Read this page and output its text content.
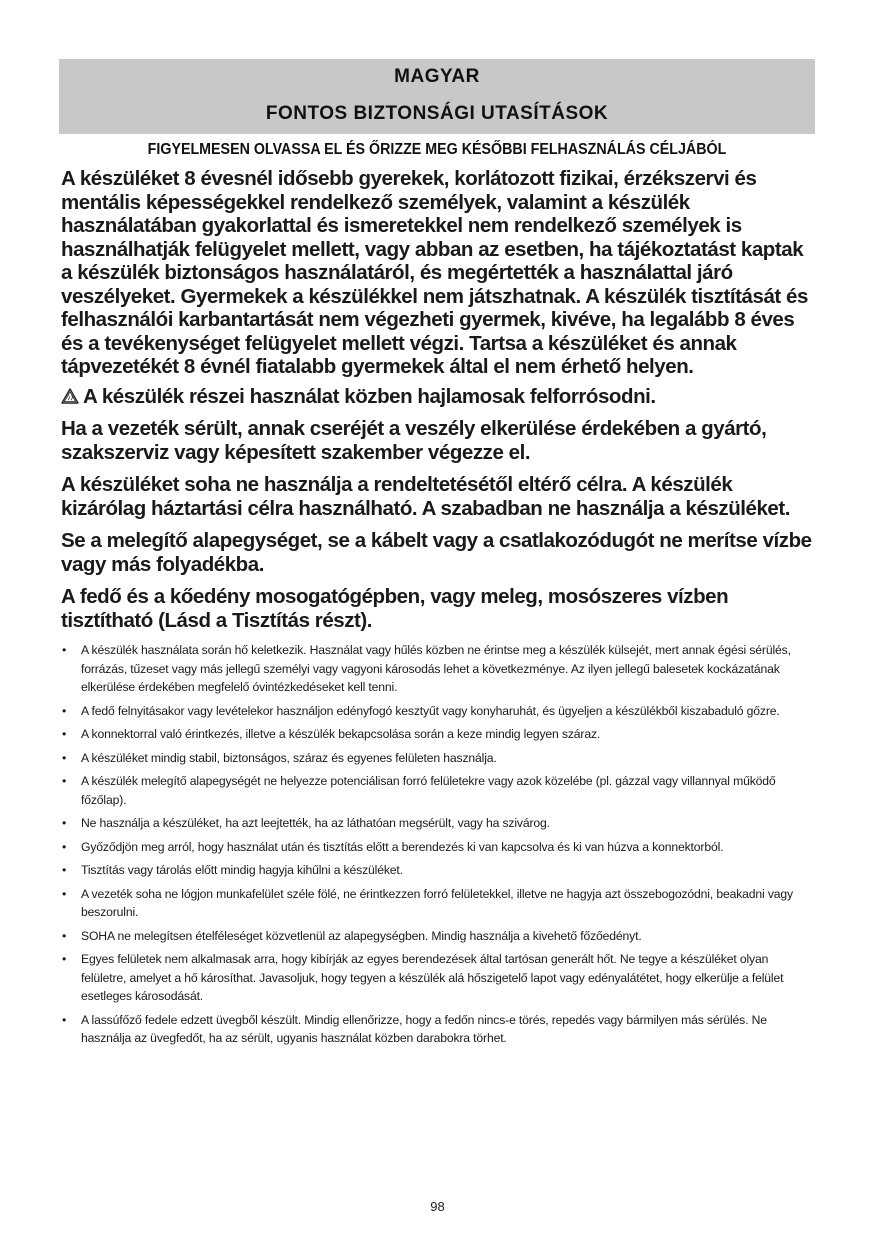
MAGYAR
FONTOS BIZTONSÁGI UTASÍTÁSOK
FIGYELMESEN OLVASSA EL ÉS ŐRIZZE MEG KÉSŐBBI FELHASZNÁLÁS CÉLJÁBÓL

A készüléket 8 évesnél idősebb gyerekek, korlátozott fizikai, érzékszervi és mentális képességekkel rendelkező személyek, valamint a készülék használatában gyakorlattal és ismeretekkel nem rendelkező személyek is használhatják felügyelet mellett, vagy abban az esetben, ha tájékoztatást kaptak a készülék biztonságos használatáról, és megértették a használattal járó veszélyeket. Gyermekek a készülékkel nem játszhatnak. A készülék tisztítását és felhasználói karbantartását nem végezheti gyermek, kivéve, ha legalább 8 éves és a tevékenységet felügyelet mellett végzi. Tartsa a készüléket és annak tápvezetékét 8 évnél fiatalabb gyermekek által el nem érhető helyen.

A készülék részei használat közben hajlamosak felforrósodni.

Ha a vezeték sérült, annak cseréjét a veszély elkerülése érdekében a gyártó, szakszerviz vagy képesített szakember végezze el.

A készüléket soha ne használja a rendeltetésétől eltérő célra. A készülék kizárólag háztartási célra használható. A szabadban ne használja a készüléket.

Se a melegítő alapegységet, se a kábelt vagy a csatlakozódugót ne merítse vízbe vagy más folyadékba.

A fedő és a kőedény mosogatógépben, vagy meleg, mosószeres vízben tisztítható (Lásd a Tisztítás részt).

• A készülék használata során hő keletkezik. Használat vagy hűlés közben ne érintse meg a készülék külsejét, mert annak égési sérülés, forrázás, tűzeset vagy más jellegű személyi vagy vagyoni károsodás lehet a következménye. Az ilyen jellegű balesetek kockázatának elkerülése érdekében megfelelő óvintézkedéseket kell tenni.
• A fedő felnyitásakor vagy levételekor használjon edényfogó kesztyűt vagy konyharuhát, és ügyeljen a készülékből kiszabaduló gőzre.
• A konnektorral való érintkezés, illetve a készülék bekapcsolása során a keze mindig legyen száraz.
• A készüléket mindig stabil, biztonságos, száraz és egyenes felületen használja.
• A készülék melegítő alapegységét ne helyezze potenciálisan forró felületekre vagy azok közelébe (pl. gázzal vagy villannyal működő főzőlap).
• Ne használja a készüléket, ha azt leejtették, ha az láthatóan megsérült, vagy ha szivárog.
• Győződjön meg arról, hogy használat után és tisztítás előtt a berendezés ki van kapcsolva és ki van húzva a konnektorból.
• Tisztítás vagy tárolás előtt mindig hagyja kihűlni a készüléket.
• A vezeték soha ne lógjon munkafelület széle fölé, ne érintkezzen forró felületekkel, illetve ne hagyja azt összebogozódni, beakadni vagy beszorulni.
• SOHA ne melegítsen ételféleséget közvetlenül az alapegységben. Mindig használja a kivehető főzőedényt.
• Egyes felületek nem alkalmasak arra, hogy kibírják az egyes berendezések által tartósan generált hőt. Ne tegye a készüléket olyan felületre, amelyet a hő károsíthat. Javasoljuk, hogy tegyen a készülék alá hőszigetelő lapot vagy edényalátétet, hogy elkerülje a felület esetleges károsodását.
• A lassúfőző fedele edzett üvegből készült. Mindig ellenőrizze, hogy a fedőn nincs-e törés, repedés vagy bármilyen más sérülés. Ne használja az üvegfedőt, ha az sérült, ugyanis használat közben darabokra törhet.
98
